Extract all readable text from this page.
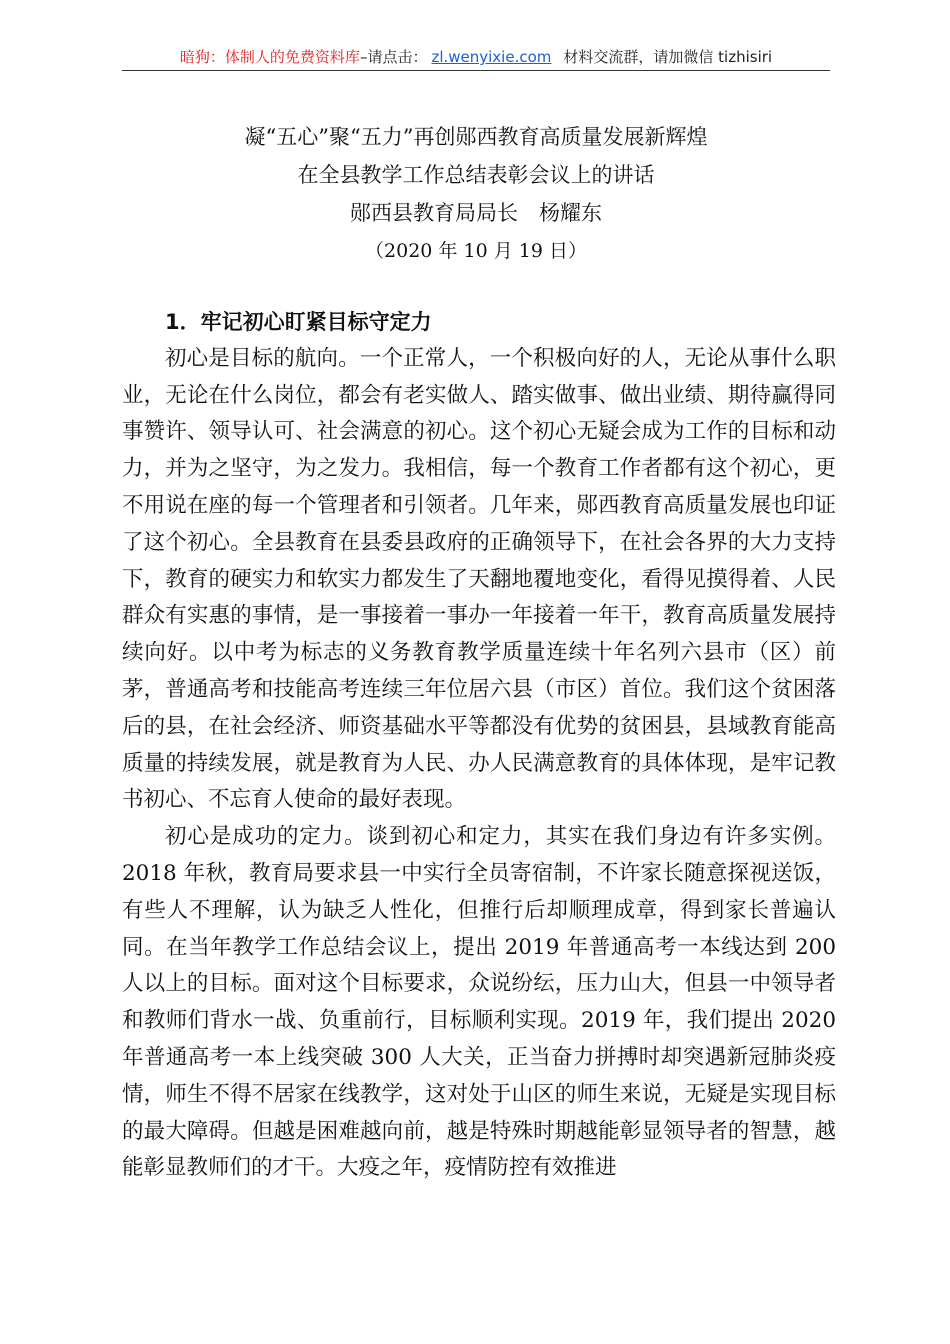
暗狗：体制人的免费资料库–请点击： zl.wenyixie.com 材料交流群，请加微信 tizhisiri
凝“五心”聚“五力”再创郧西教育高质量发展新辉煌
在全县教学工作总结表彰会议上的讲话
郧西县教育局局长　杨耀东
（2020 年 10 月 19 日）
1．牢记初心盯紧目标守定力

初心是目标的航向。一个正常人，一个积极向好的人，无论从事什么职业，无论在什么岗位，都会有老实做人、踏实做事、做出业绩、期待赢得同事赞许、领导认可、社会满意的初心。这个初心无疑会成为工作的目标和动力，并为之坚守，为之发力。我相信，每一个教育工作者都有这个初心，更不用说在座的每一个管理者和引领者。几年来，郧西教育高质量发展也印证了这个初心。全县教育在县委县政府的正确领导下，在社会各界的大力支持下，教育的硬实力和软实力都发生了天翻地覆地变化，看得见摸得着、人民群众有实惠的事情，是一事接着一事办一年接着一年干，教育高质量发展持续向好。以中考为标志的义务教育教学质量连续十年名列六县市（区）前茅，普通高考和技能高考连续三年位居六县（市区）首位。我们这个贫困落后的县，在社会经济、师资基础水平等都没有优势的贫困县，县域教育能高质量的持续发展，就是教育为人民、办人民满意教育的具体体现，是牢记教书初心、不忘育人使命的最好表现。

初心是成功的定力。谈到初心和定力，其实在我们身边有许多实例。2018 年秋，教育局要求县一中实行全员寄宿制，不许家长随意探视送饭，有些人不理解，认为缺乏人性化，但推行后却顺理成章，得到家长普遍认同。在当年教学工作总结会议上，提出 2019 年普通高考一本线达到 200 人以上的目标。面对这个目标要求，众说纷纭，压力山大，但县一中领导者和教师们背水一战、负重前行，目标顺利实现。2019 年，我们提出 2020 年普通高考一本上线突破 300 人大关，正当奋力拼搏时却突遇新冠肺炎疫情，师生不得不居家在线教学，这对处于山区的师生来说，无疑是实现目标的最大障碍。但越是困难越向前，越是特殊时期越能彰显领导者的智慧，越能彰显教师们的才干。大疫之年，疫情防控有效推进
